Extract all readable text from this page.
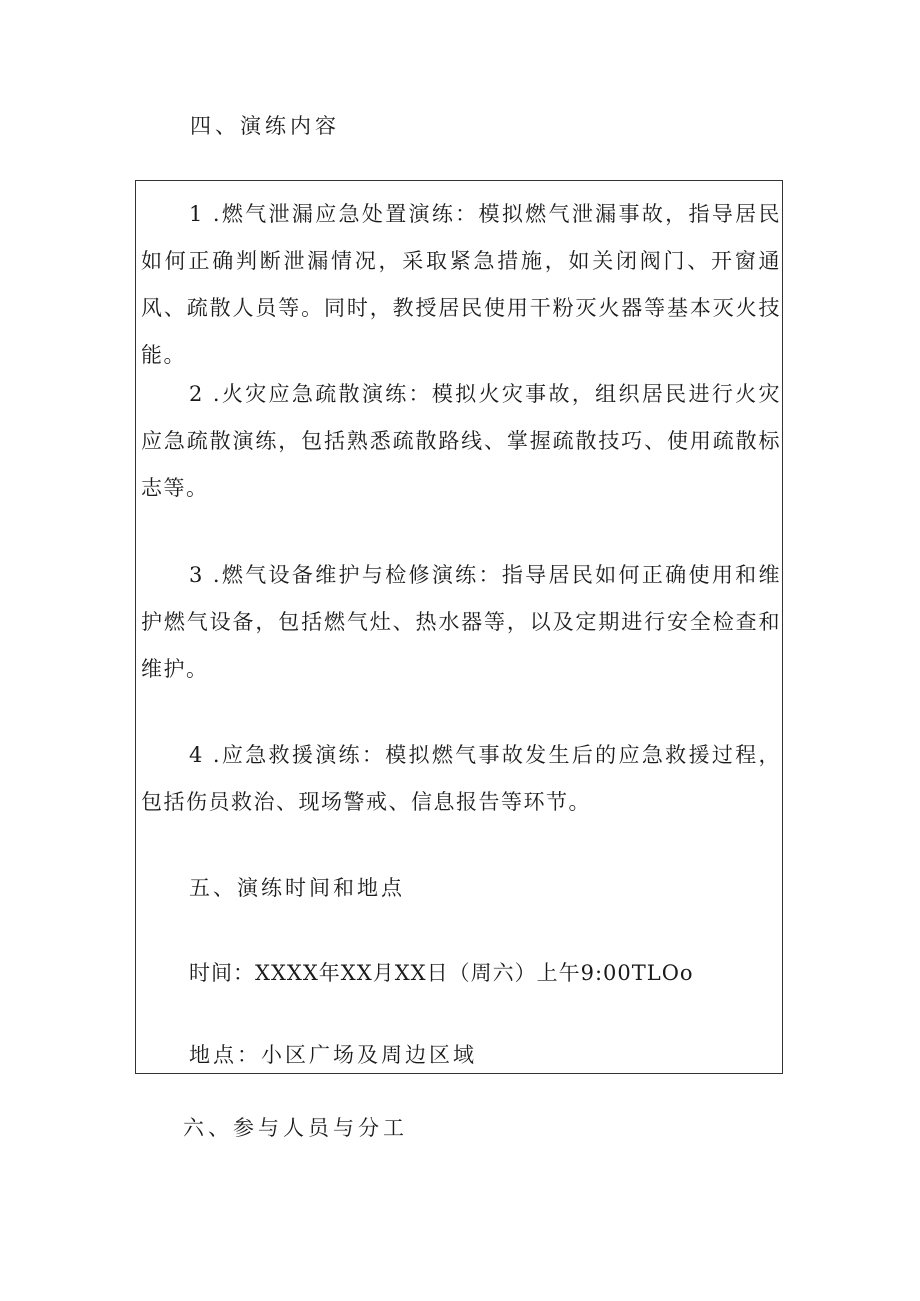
四、演练内容

1 .燃气泄漏应急处置演练：模拟燃气泄漏事故，指导居民如何正确判断泄漏情况，采取紧急措施，如关闭阀门、开窗通风、疏散人员等。同时，教授居民使用干粉灭火器等基本灭火技能。

2 .火灾应急疏散演练：模拟火灾事故，组织居民进行火灾应急疏散演练，包括熟悉疏散路线、掌握疏散技巧、使用疏散标志等。

3 .燃气设备维护与检修演练：指导居民如何正确使用和维护燃气设备，包括燃气灶、热水器等，以及定期进行安全检查和维护。

4 .应急救援演练：模拟燃气事故发生后的应急救援过程，包括伤员救治、现场警戒、信息报告等环节。

五、演练时间和地点

时间：XXXX年XX月XX日（周六）上午9:00TLOo

地点：小区广场及周边区域

六、参与人员与分工
